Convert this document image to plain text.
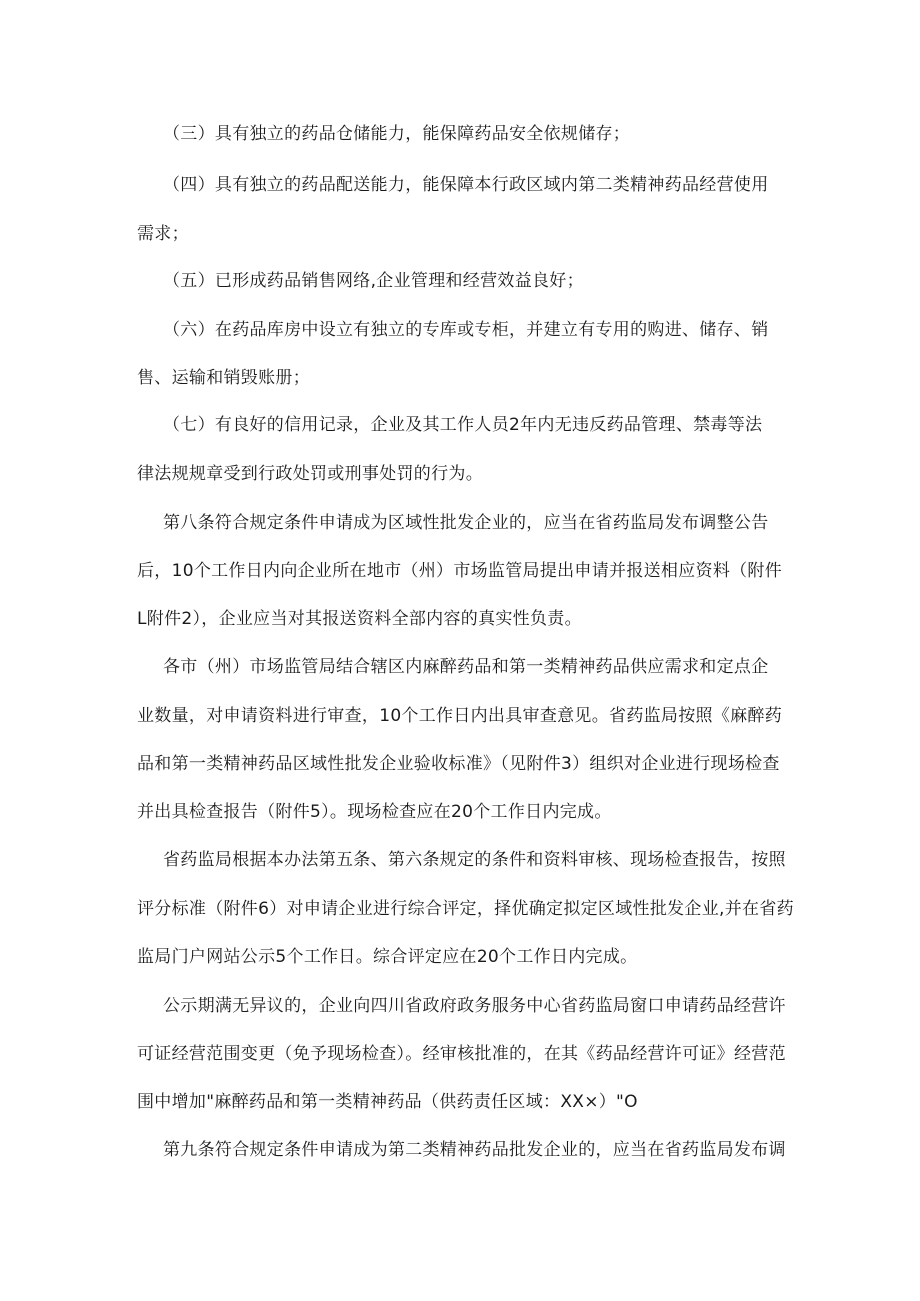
（三）具有独立的药品仓储能力，能保障药品安全依规储存；

（四）具有独立的药品配送能力，能保障本行政区域内第二类精神药品经营使用

需求；

（五）已形成药品销售网络,企业管理和经营效益良好；

（六）在药品库房中设立有独立的专库或专柜，并建立有专用的购进、储存、销

售、运输和销毁账册；

（七）有良好的信用记录，企业及其工作人员2年内无违反药品管理、禁毒等法

律法规规章受到行政处罚或刑事处罚的行为。

第八条符合规定条件申请成为区域性批发企业的，应当在省药监局发布调整公告

后，10个工作日内向企业所在地市（州）市场监管局提出申请并报送相应资料（附件

L附件2），企业应当对其报送资料全部内容的真实性负责。

各市（州）市场监管局结合辖区内麻醉药品和第一类精神药品供应需求和定点企

业数量，对申请资料进行审查，10个工作日内出具审查意见。省药监局按照《麻醉药

品和第一类精神药品区域性批发企业验收标准》（见附件3）组织对企业进行现场检查

并出具检查报告（附件5）。现场检查应在20个工作日内完成。

省药监局根据本办法第五条、第六条规定的条件和资料审核、现场检查报告，按照

评分标准（附件6）对申请企业进行综合评定，择优确定拟定区域性批发企业,并在省药

监局门户网站公示5个工作日。综合评定应在20个工作日内完成。

公示期满无异议的，企业向四川省政府政务服务中心省药监局窗口申请药品经营许

可证经营范围变更（免予现场检查）。经审核批准的，在其《药品经营许可证》经营范

围中增加"麻醉药品和第一类精神药品（供药责任区域：XX×）"O

第九条符合规定条件申请成为第二类精神药品批发企业的，应当在省药监局发布调
